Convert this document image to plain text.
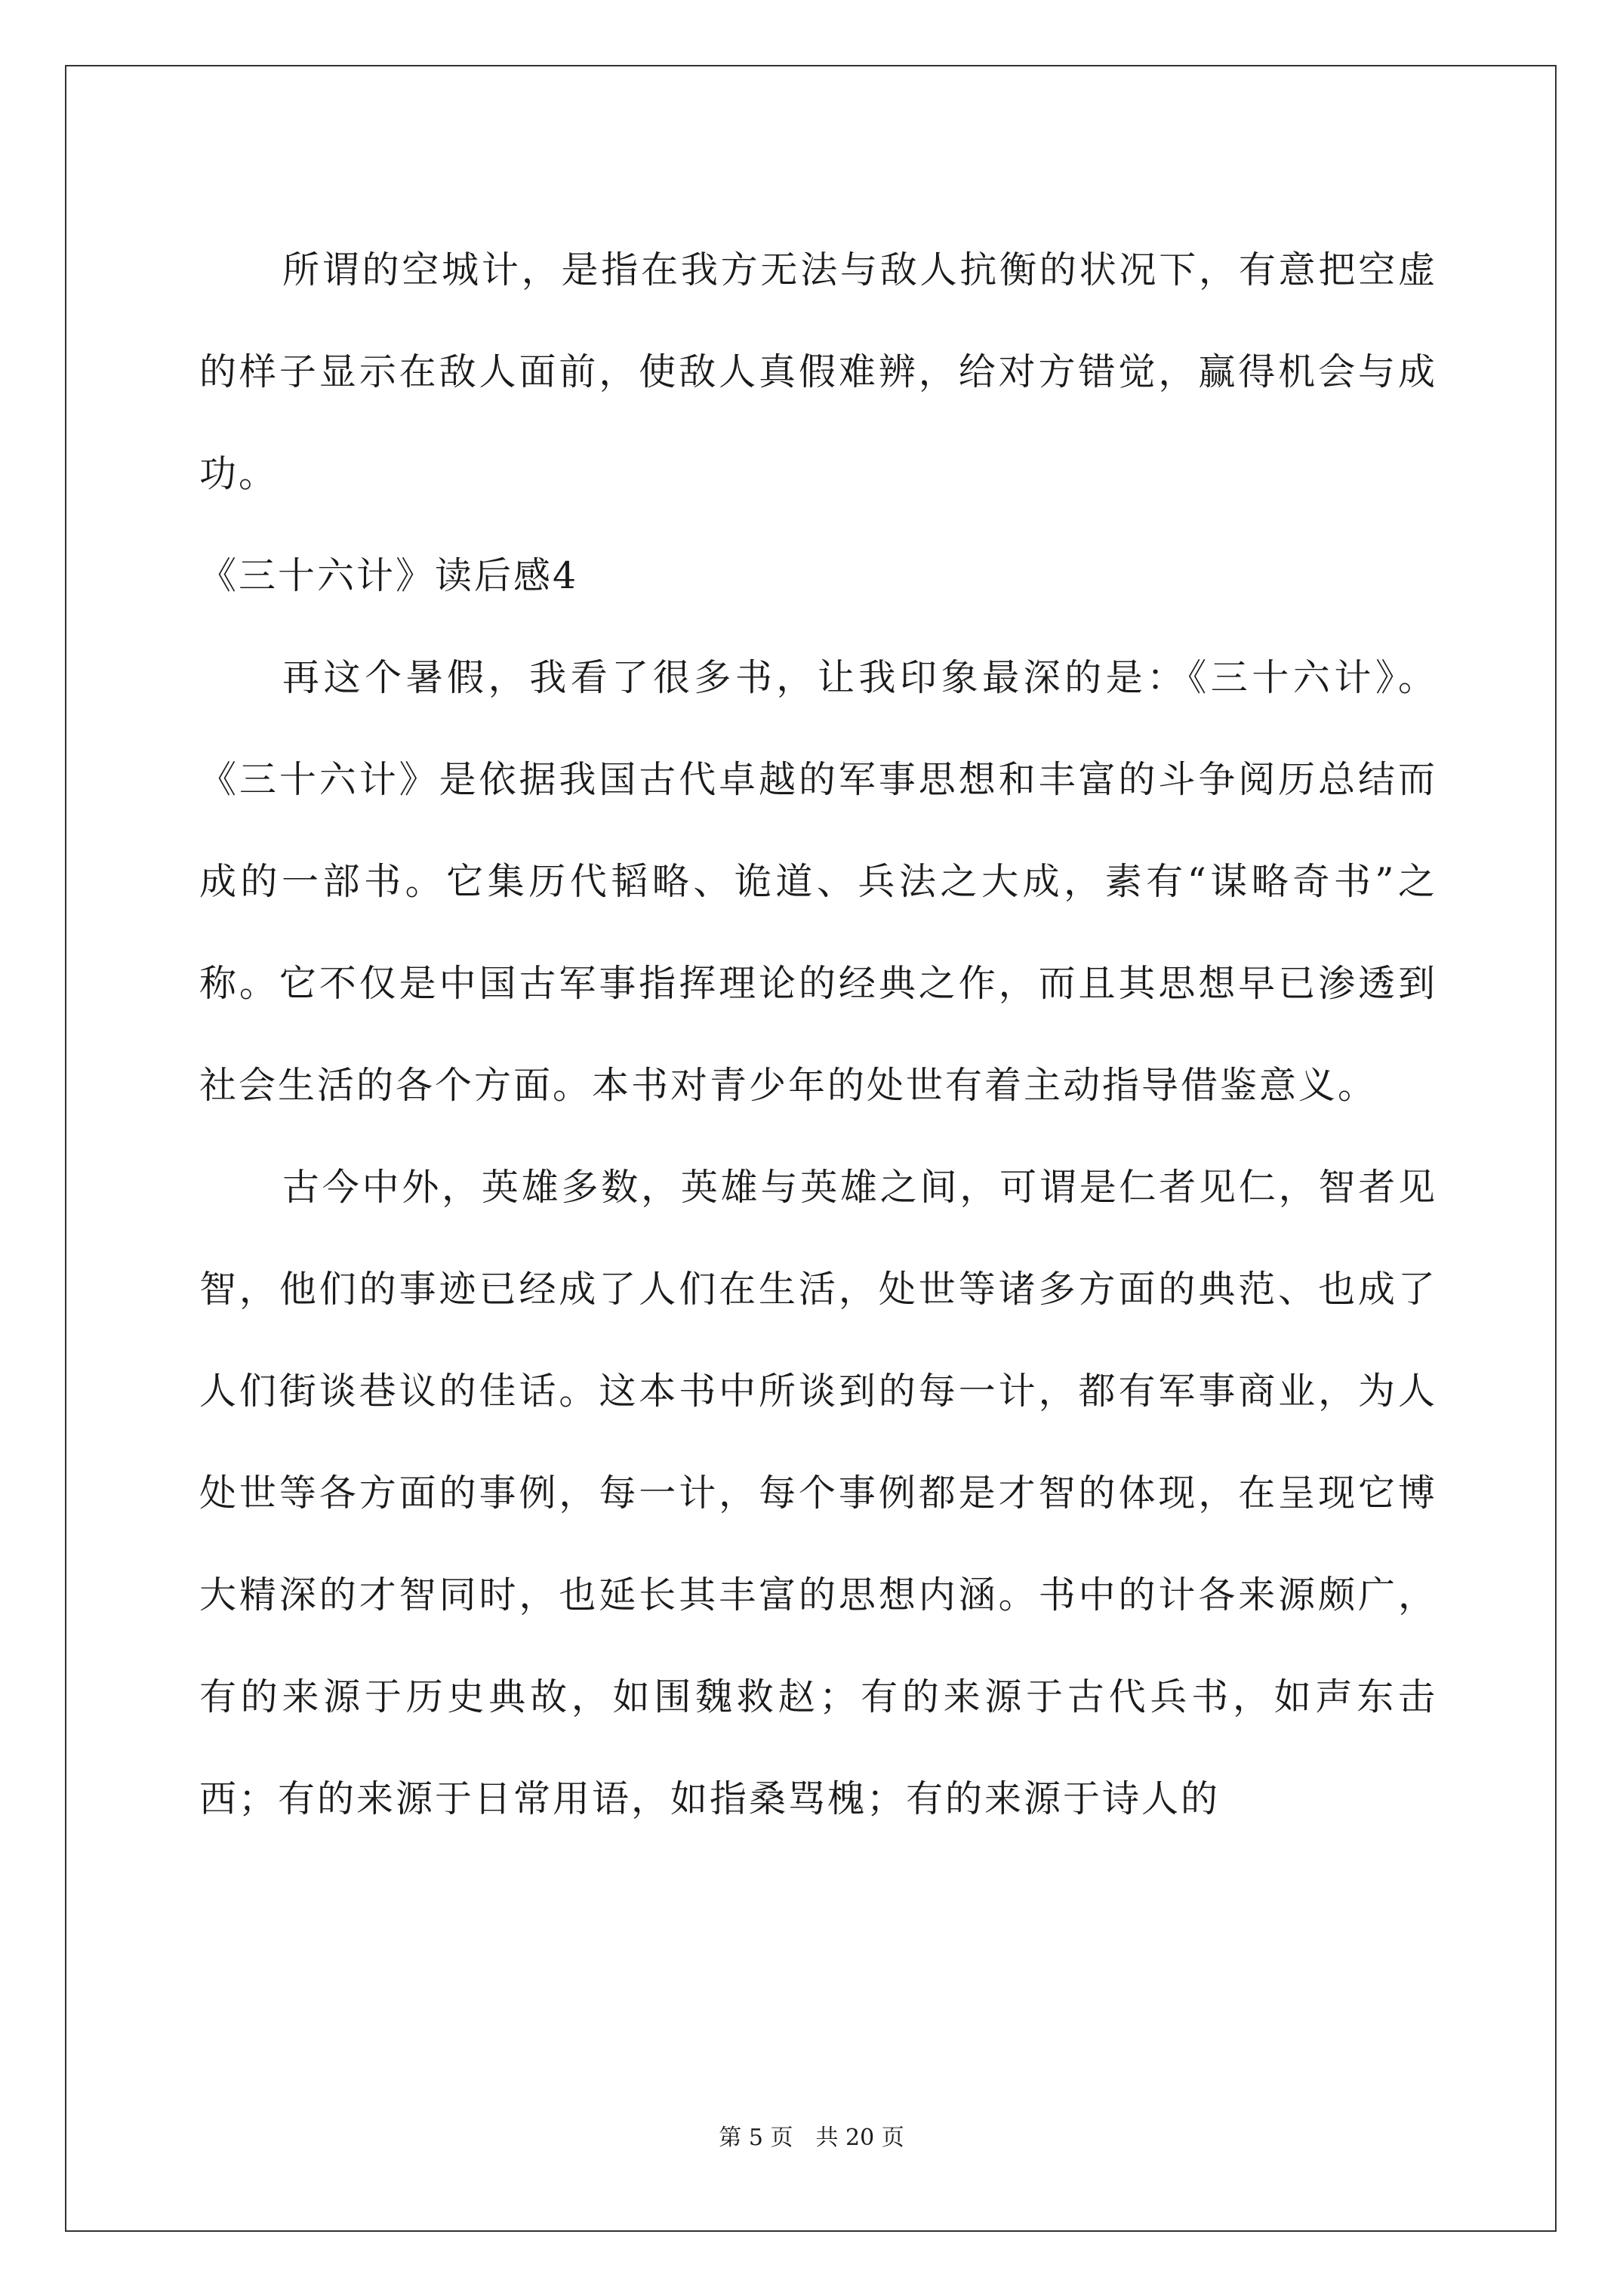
所谓的空城计，是指在我方无法与敌人抗衡的状况下，有意把空虚的样子显示在敌人面前，使敌人真假难辨，给对方错觉，赢得机会与成功。

《三十六计》读后感4

再这个暑假，我看了很多书，让我印象最深的是：《三十六计》。《三十六计》是依据我国古代卓越的军事思想和丰富的斗争阅历总结而成的一部书。它集历代韬略、诡道、兵法之大成，素有“谋略奇书”之称。它不仅是中国古军事指挥理论的经典之作，而且其思想早已渗透到社会生活的各个方面。本书对青少年的处世有着主动指导借鉴意义。

古今中外，英雄多数，英雄与英雄之间，可谓是仁者见仁，智者见智，他们的事迹已经成了人们在生活，处世等诸多方面的典范、也成了人们街谈巷议的佳话。这本书中所谈到的每一计，都有军事商业，为人处世等各方面的事例，每一计，每个事例都是才智的体现，在呈现它博大精深的才智同时，也延长其丰富的思想内涵。书中的计各来源颇广，有的来源于历史典故，如围魏救赵；有的来源于古代兵书，如声东击西；有的来源于日常用语，如指桑骂槐；有的来源于诗人的

第 5 页　共 20 页
